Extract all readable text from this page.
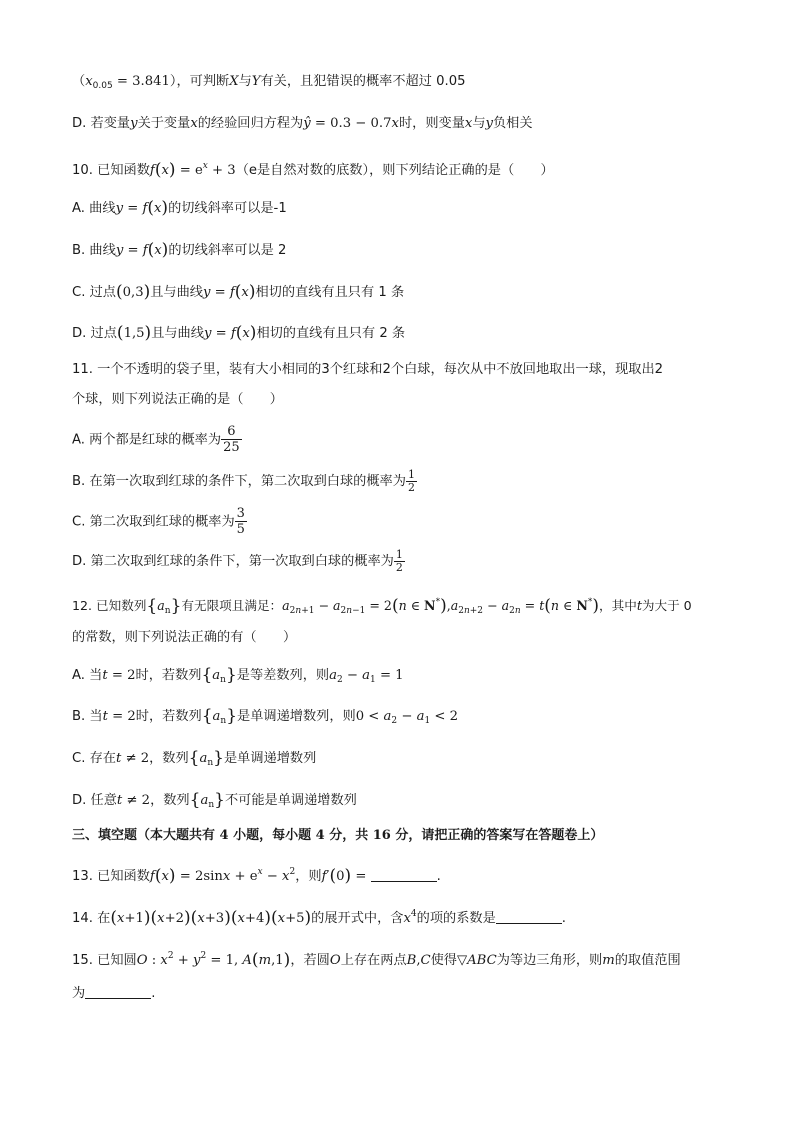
$(x_{0.05} = 3.841)$，可判断X与Y有关，且犯错误的概率不超过 0.05
D. 若变量y关于变量x的经验回归方程为ŷ = 0.3 − 0.7x时，则变量x与y负相关
10. 已知函数$f(x) = e^x + 3(e$是自然对数的底数），则下列结论正确的是（　　）
A. 曲线y = f(x)的切线斜率可以是-1
B. 曲线y = f(x)的切线斜率可以是 2
C. 过点(0,3)且与曲线y = f(x)相切的直线有且只有 1 条
D. 过点(1,5)且与曲线y = f(x)相切的直线有且只有 2 条
11. 一个不透明的袋子里，装有大小相同的3个红球和2个白球，每次从中不放回地取出一球，现取出2
个球，则下列说法正确的是（　　）
A. 两个都是红球的概率为 $\frac{6}{25}$
B. 在第一次取到红球的条件下，第二次取到白球的概率为 $\frac{1}{2}$
C. 第二次取到红球的概率为 $\frac{3}{5}$
D. 第二次取到红球的条件下，第一次取到白球的概率为 $\frac{1}{2}$
12. 已知数列$\{a_n\}$有无限项且满足：$a_{2n+1} - a_{2n-1} = 2(n$ ∈ $N^*),a_{2n+2} - a_{2n} = t(n$ ∈ N*)，其中t为大于 0
的常数，则下列说法正确的有（　　）
A. 当t = 2时，若数列$\{a_n\}$是等差数列，则$a_2 - a_1 = 1$
B. 当t = 2时，若数列$\{a_n\}$是单调递增数列，则$0 < a_2 - a_1 < 2$
C. 存在t ≠ 2，数列$\{a_n\}$是单调递增数列
D. 任意t ≠ 2，数列$\{a_n\}$不可能是单调递增数列
三、填空题（本大题共有 4 小题，每小题 4 分，共 16 分，请把正确的答案写在答题卷上）
13. 已知函数$f(x) = 2\sin x + e^x - x^2$，则f′(0) =	.
14. 在(x+1)(x+2)(x+3)(x+4)(x+5)的展开式中，含$x^4$的项的系数是	.
15. 已知圆O : $x^2 + y^2 = 1$, A(m,1)，若圆O上存在两点B,C使得▽ABC为等边三角形，则m的取值范围
为	.
